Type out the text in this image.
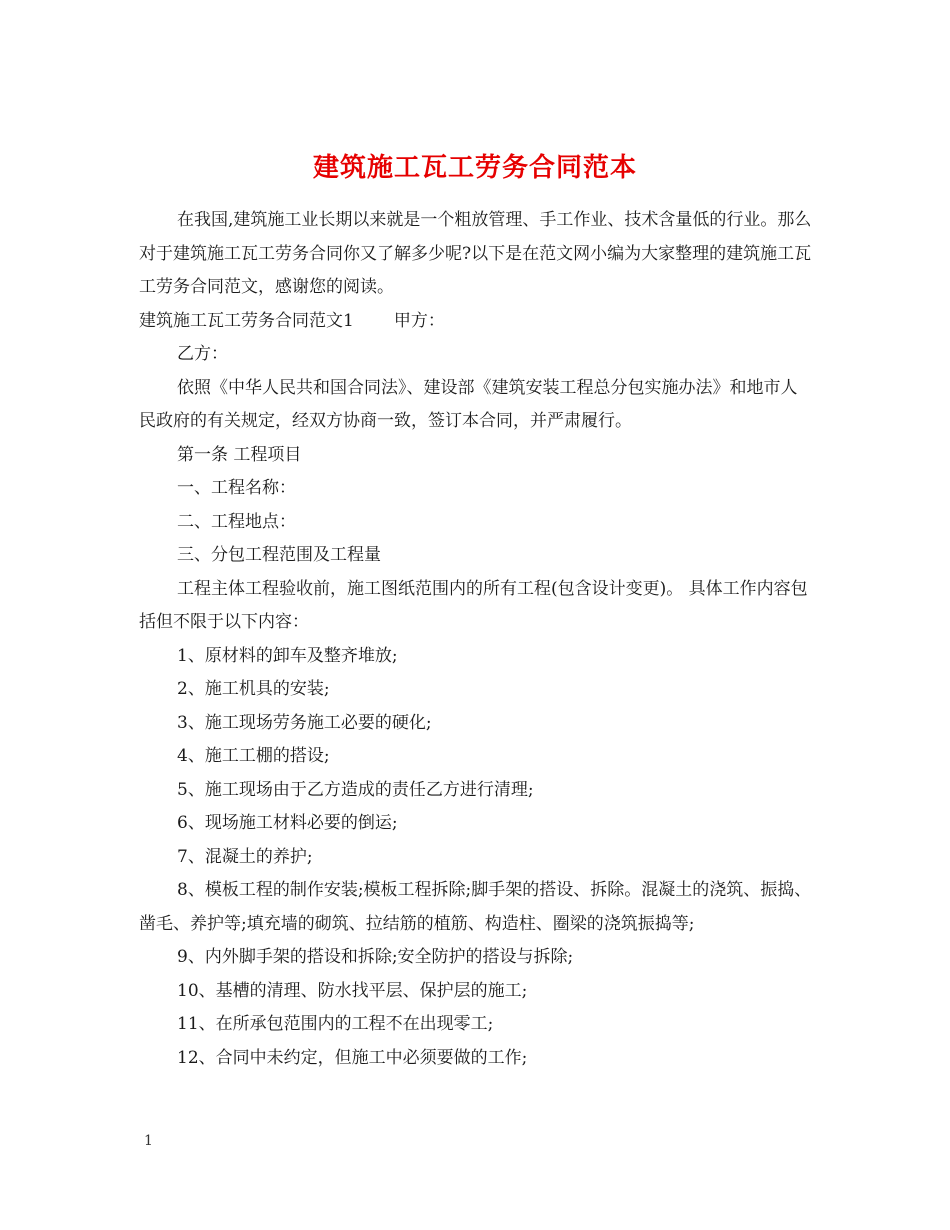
建筑施工瓦工劳务合同范本

在我国,建筑施工业长期以来就是一个粗放管理、手工作业、技术含量低的行业。那么对于建筑施工瓦工劳务合同你又了解多少呢?以下是在范文网小编为大家整理的建筑施工瓦工劳务合同范文，感谢您的阅读。

建筑施工瓦工劳务合同范文1 甲方：

乙方：

依照《中华人民共和国合同法》、建设部《建筑安装工程总分包实施办法》和地市人民政府的有关规定，经双方协商一致，签订本合同，并严肃履行。

第一条 工程项目

一、工程名称：

二、工程地点：

三、分包工程范围及工程量

工程主体工程验收前，施工图纸范围内的所有工程(包含设计变更)。 具体工作内容包括但不限于以下内容：

1、原材料的卸车及整齐堆放;

2、施工机具的安装;

3、施工现场劳务施工必要的硬化;

4、施工工棚的搭设;

5、施工现场由于乙方造成的责任乙方进行清理;

6、现场施工材料必要的倒运;

7、混凝土的养护;

8、模板工程的制作安装;模板工程拆除;脚手架的搭设、拆除。混凝土的浇筑、振捣、凿毛、养护等;填充墙的砌筑、拉结筋的植筋、构造柱、圈梁的浇筑振捣等;

9、内外脚手架的搭设和拆除;安全防护的搭设与拆除;

10、基槽的清理、防水找平层、保护层的施工;

11、在所承包范围内的工程不在出现零工;

12、合同中未约定，但施工中必须要做的工作;

1
